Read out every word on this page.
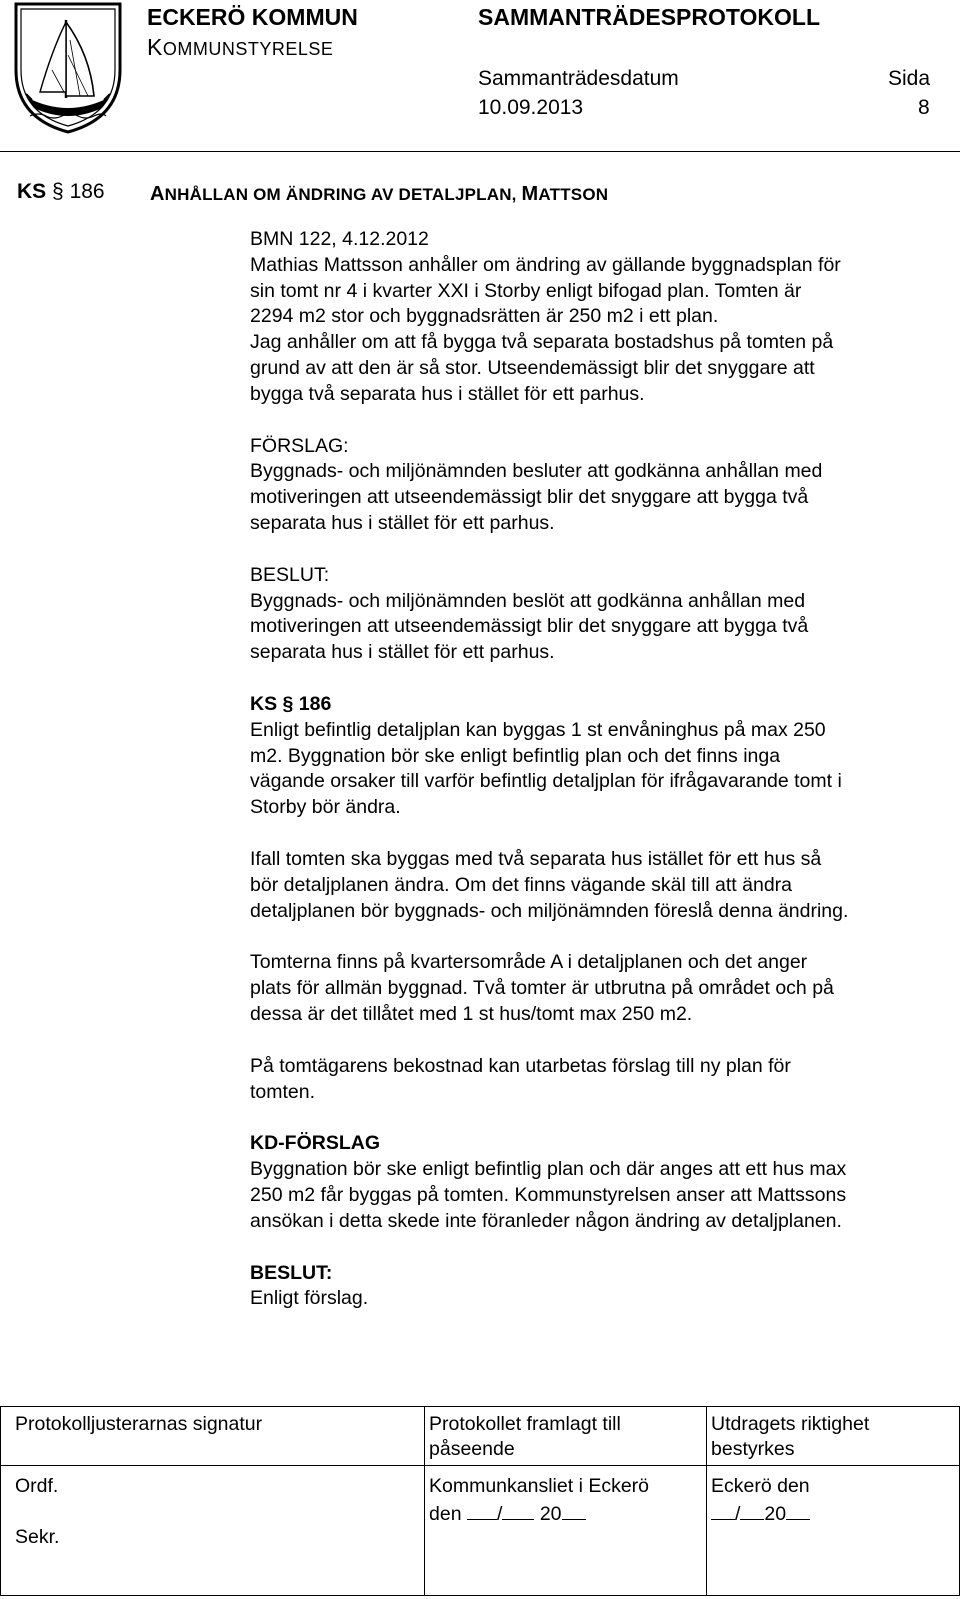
ECKERÖ KOMMUN
KOMMUNSTYRELSE
SAMMANTRÄDESPROTOKOLL
Sammanträdesdatum
10.09.2013
Sida
8
KS § 186 ANHÅLLAN OM ÄNDRING AV DETALJPLAN, MATTSON

BMN 122, 4.12.2012

Mathias Mattsson anhåller om ändring av gällande byggnadsplan för

sin tomt nr 4 i kvarter XXI i Storby enligt bifogad plan. Tomten är

2294 m2 stor och byggnadsrätten är 250 m2 i ett plan.

Jag anhåller om att få bygga två separata bostadshus på tomten på

grund av att den är så stor. Utseendemässigt blir det snyggare att

bygga två separata hus i stället för ett parhus.

FÖRSLAG:

Byggnads- och miljönämnden besluter att godkänna anhållan med

motiveringen att utseendemässigt blir det snyggare att bygga två

separata hus i stället för ett parhus.

BESLUT:

Byggnads- och miljönämnden beslöt att godkänna anhållan med

motiveringen att utseendemässigt blir det snyggare att bygga två

separata hus i stället för ett parhus.

KS § 186

Enligt befintlig detaljplan kan byggas 1 st envåninghus på max 250

m2. Byggnation bör ske enligt befintlig plan och det finns inga

vägande orsaker till varför befintlig detaljplan för ifrågavarande tomt i

Storby bör ändra.

Ifall tomten ska byggas med två separata hus istället för ett hus så

bör detaljplanen ändra. Om det finns vägande skäl till att ändra

detaljplanen bör byggnads- och miljönämnden föreslå denna ändring.

Tomterna finns på kvartersområde A i detaljplanen och det anger

plats för allmän byggnad. Två tomter är utbrutna på området och på

dessa är det tillåtet med 1 st hus/tomt max 250 m2.

På tomtägarens bekostnad kan utarbetas förslag till ny plan för

tomten.

KD-FÖRSLAG

Byggnation bör ske enligt befintlig plan och där anges att ett hus max

250 m2 får byggas på tomten. Kommunstyrelsen anser att Mattssons

ansökan i detta skede inte föranleder någon ändring av detaljplanen.

BESLUT:

Enligt förslag.

Protokolljusterarnas signatur	Protokollet framlagt till
påseende
Utdragets riktighet
bestyrkes
Ordf.
Sekr.
Kommunkansliet i Eckerö
den / 20
Eckerö den
/ 20
